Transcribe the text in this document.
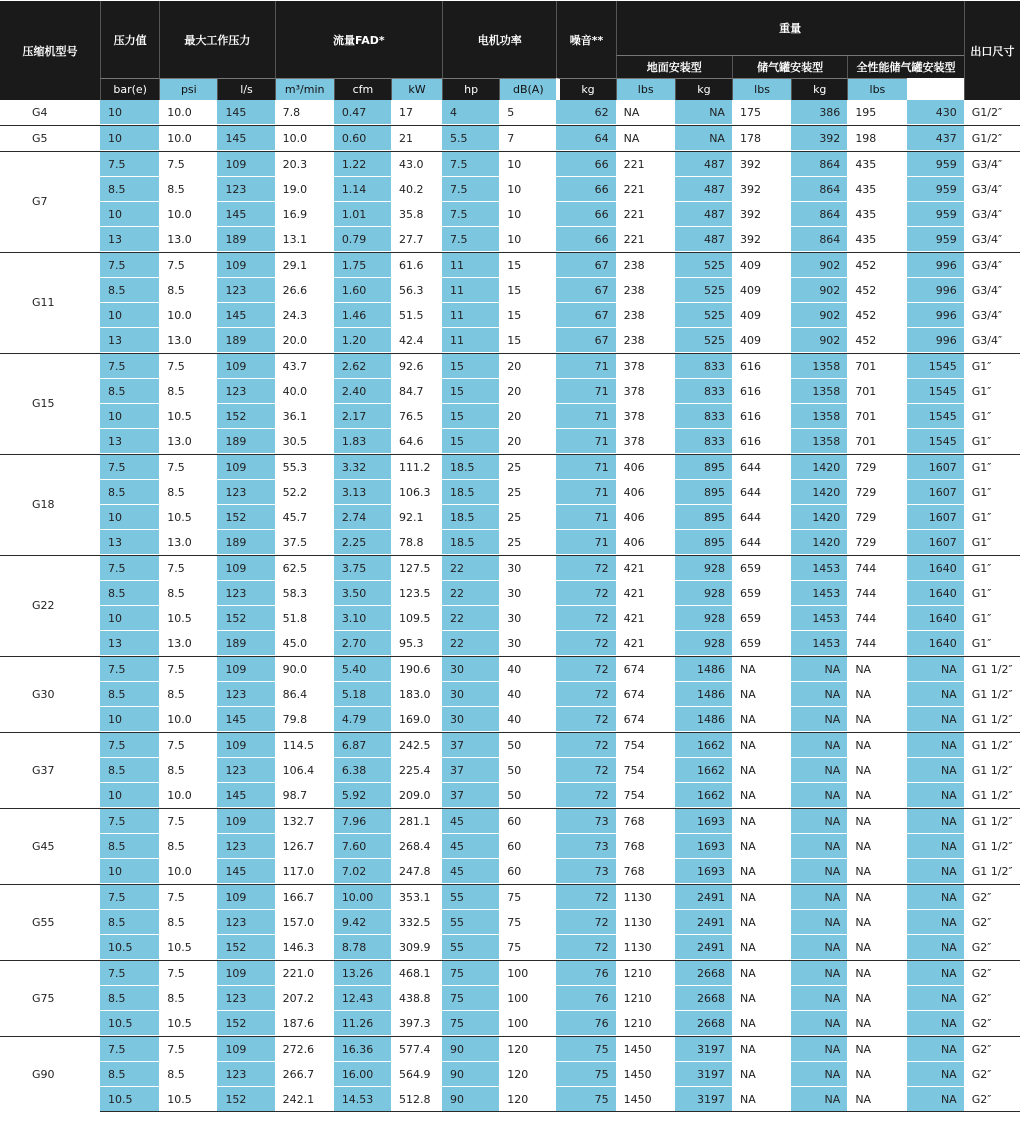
压缩机型号	压力值	最大工作压力		流量FAD*			电机功率		噪音**	重量						出口尺寸
										地面安装型		储气罐安装型		全性能储气罐安装型		
	bar(e)	psi	l/s	m³/min	cfm	kW	hp	dB(A)	kg	lbs	kg	lbs	kg	lbs		
G4	10	10.0	145	7.8	0.47	17	4	5	62	NA	NA	175	386	195	430	G1/2″
G5	10	10.0	145	10.0	0.60	21	5.5	7	64	NA	NA	178	392	198	437	G1/2″
G7	7.5	7.5	109	20.3	1.22	43.0	7.5	10	66	221	487	392	864	435	959	G3/4″
	8.5	8.5	123	19.0	1.14	40.2	7.5	10	66	221	487	392	864	435	959	G3/4″
	10	10.0	145	16.9	1.01	35.8	7.5	10	66	221	487	392	864	435	959	G3/4″
	13	13.0	189	13.1	0.79	27.7	7.5	10	66	221	487	392	864	435	959	G3/4″
G11	7.5	7.5	109	29.1	1.75	61.6	11	15	67	238	525	409	902	452	996	G3/4″
	8.5	8.5	123	26.6	1.60	56.3	11	15	67	238	525	409	902	452	996	G3/4″
	10	10.0	145	24.3	1.46	51.5	11	15	67	238	525	409	902	452	996	G3/4″
	13	13.0	189	20.0	1.20	42.4	11	15	67	238	525	409	902	452	996	G3/4″
G15	7.5	7.5	109	43.7	2.62	92.6	15	20	71	378	833	616	1358	701	1545	G1″
	8.5	8.5	123	40.0	2.40	84.7	15	20	71	378	833	616	1358	701	1545	G1″
	10	10.5	152	36.1	2.17	76.5	15	20	71	378	833	616	1358	701	1545	G1″
	13	13.0	189	30.5	1.83	64.6	15	20	71	378	833	616	1358	701	1545	G1″
G18	7.5	7.5	109	55.3	3.32	111.2	18.5	25	71	406	895	644	1420	729	1607	G1″
	8.5	8.5	123	52.2	3.13	106.3	18.5	25	71	406	895	644	1420	729	1607	G1″
	10	10.5	152	45.7	2.74	92.1	18.5	25	71	406	895	644	1420	729	1607	G1″
	13	13.0	189	37.5	2.25	78.8	18.5	25	71	406	895	644	1420	729	1607	G1″
G22	7.5	7.5	109	62.5	3.75	127.5	22	30	72	421	928	659	1453	744	1640	G1″
	8.5	8.5	123	58.3	3.50	123.5	22	30	72	421	928	659	1453	744	1640	G1″
	10	10.5	152	51.8	3.10	109.5	22	30	72	421	928	659	1453	744	1640	G1″
	13	13.0	189	45.0	2.70	95.3	22	30	72	421	928	659	1453	744	1640	G1″
G30	7.5	7.5	109	90.0	5.40	190.6	30	40	72	674	1486	NA	NA	NA	NA	G1 1/2″
	8.5	8.5	123	86.4	5.18	183.0	30	40	72	674	1486	NA	NA	NA	NA	G1 1/2″
	10	10.0	145	79.8	4.79	169.0	30	40	72	674	1486	NA	NA	NA	NA	G1 1/2″
G37	7.5	7.5	109	114.5	6.87	242.5	37	50	72	754	1662	NA	NA	NA	NA	G1 1/2″
	8.5	8.5	123	106.4	6.38	225.4	37	50	72	754	1662	NA	NA	NA	NA	G1 1/2″
	10	10.0	145	98.7	5.92	209.0	37	50	72	754	1662	NA	NA	NA	NA	G1 1/2″
G45	7.5	7.5	109	132.7	7.96	281.1	45	60	73	768	1693	NA	NA	NA	NA	G1 1/2″
	8.5	8.5	123	126.7	7.60	268.4	45	60	73	768	1693	NA	NA	NA	NA	G1 1/2″
	10	10.0	145	117.0	7.02	247.8	45	60	73	768	1693	NA	NA	NA	NA	G1 1/2″
G55	7.5	7.5	109	166.7	10.00	353.1	55	75	72	1130	2491	NA	NA	NA	NA	G2″
	8.5	8.5	123	157.0	9.42	332.5	55	75	72	1130	2491	NA	NA	NA	NA	G2″
	10.5	10.5	152	146.3	8.78	309.9	55	75	72	1130	2491	NA	NA	NA	NA	G2″
G75	7.5	7.5	109	221.0	13.26	468.1	75	100	76	1210	2668	NA	NA	NA	NA	G2″
	8.5	8.5	123	207.2	12.43	438.8	75	100	76	1210	2668	NA	NA	NA	NA	G2″
	10.5	10.5	152	187.6	11.26	397.3	75	100	76	1210	2668	NA	NA	NA	NA	G2″
G90	7.5	7.5	109	272.6	16.36	577.4	90	120	75	1450	3197	NA	NA	NA	NA	G2″
	8.5	8.5	123	266.7	16.00	564.9	90	120	75	1450	3197	NA	NA	NA	NA	G2″
	10.5	10.5	152	242.1	14.53	512.8	90	120	75	1450	3197	NA	NA	NA	NA	G2″
